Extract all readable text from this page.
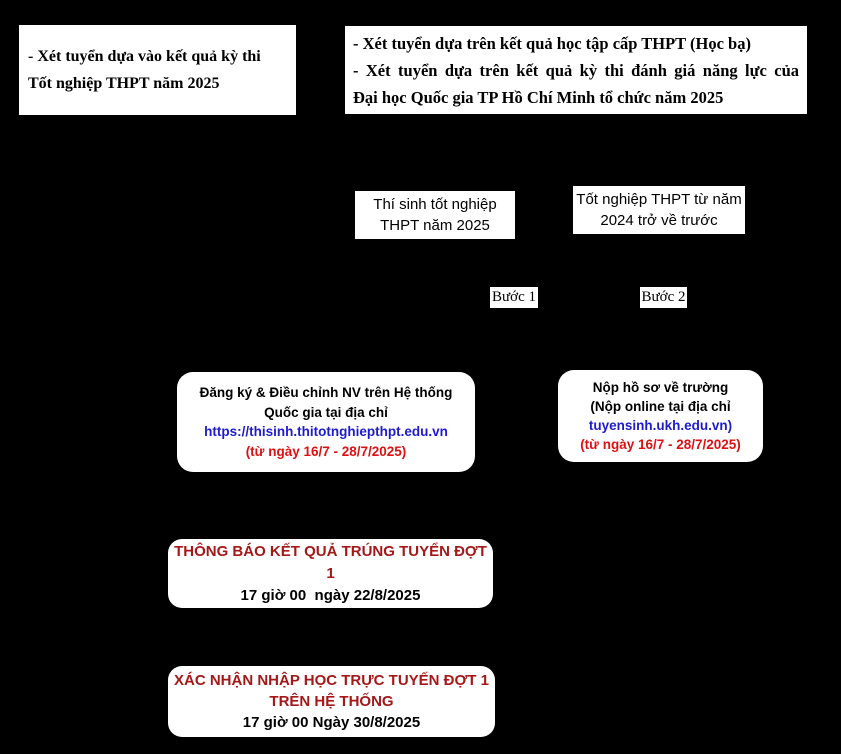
- Xét tuyển dựa vào kết quả kỳ thi
Tốt nghiệp THPT năm 2025
- Xét tuyển dựa trên kết quả học tập cấp THPT (Học bạ)
- Xét tuyển dựa trên kết quả kỳ thi đánh giá năng lực của
Đại học Quốc gia TP Hồ Chí Minh tổ chức năm 2025
Thí sinh tốt nghiệp
THPT năm 2025
Tốt nghiệp THPT từ năm
2024 trở về trước
Bước 1	Bước 2
Đăng ký & Điều chỉnh NV trên Hệ thống
Quốc gia tại địa chỉ
https://thisinh.thitotnghiepthpt.edu.vn
(từ ngày 16/7 - 28/7/2025)
Nộp hồ sơ về trường
(Nộp online tại địa chỉ
tuyensinh.ukh.edu.vn)
(từ ngày 16/7 - 28/7/2025)
THÔNG BÁO KẾT QUẢ TRÚNG TUYỂN ĐỢT 1
17 giờ 00  ngày 22/8/2025
XÁC NHẬN NHẬP HỌC TRỰC TUYẾN ĐỢT 1
TRÊN HỆ THỐNG
17 giờ 00 Ngày 30/8/2025
